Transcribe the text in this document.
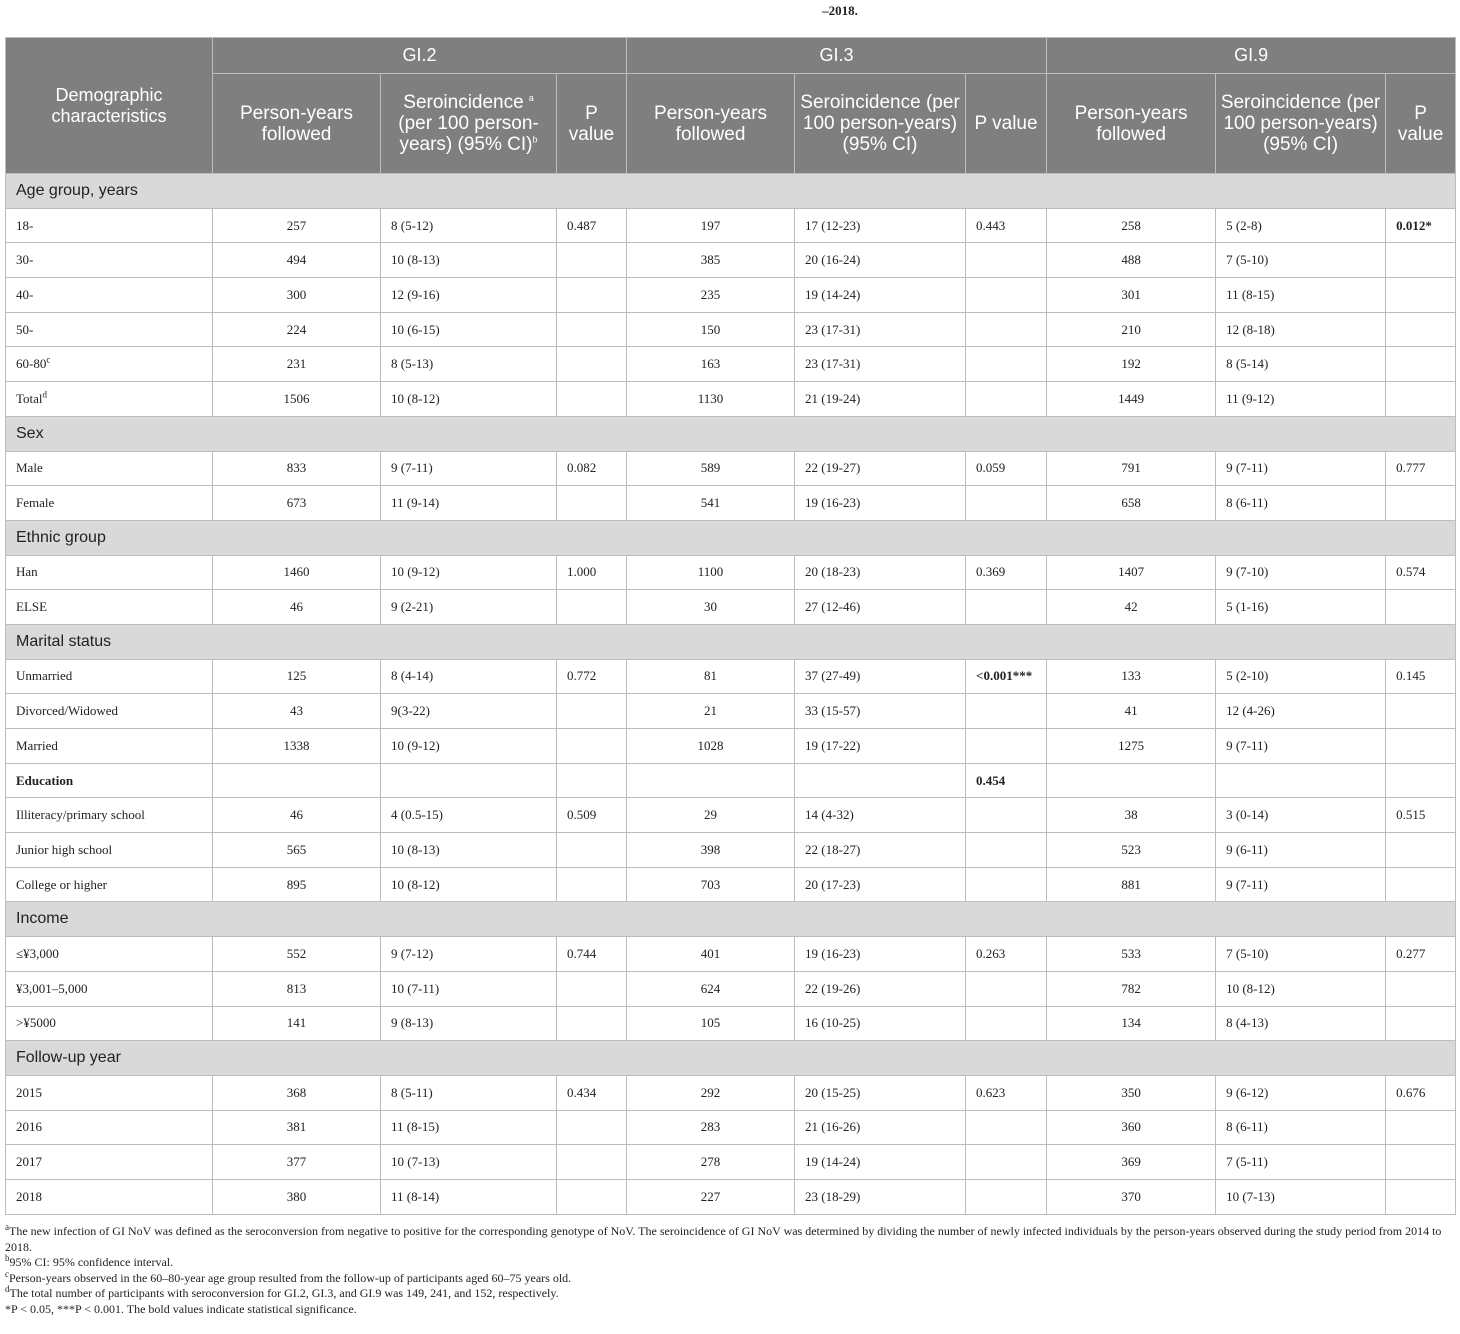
–2018.
Demographic characteristics	GI.2			GI.3			GI.9		
	Person-years followed	Seroincidence $^a$ (per 100 person-years) (95% CI)$^b$	P value	Person-years followed	Seroincidence (per 100 person-years) (95% CI)	P value	Person-years followed	Seroincidence (per 100 person-years) (95% CI)	P value
Age group, years									
18-	257	8 (5-12)	0.487	197	17 (12-23)	0.443	258	5 (2-8)	0.012*
30-	494	10 (8-13)		385	20 (16-24)		488	7 (5-10)	
40-	300	12 (9-16)		235	19 (14-24)		301	11 (8-15)	
50-	224	10 (6-15)		150	23 (17-31)		210	12 (8-18)	
60-80$^c$	231	8 (5-13)		163	23 (17-31)		192	8 (5-14)	
Total$^d$	1506	10 (8-12)		1130	21 (19-24)		1449	11 (9-12)	
Sex									
Male	833	9 (7-11)	0.082	589	22 (19-27)	0.059	791	9 (7-11)	0.777
Female	673	11 (9-14)		541	19 (16-23)		658	8 (6-11)	
Ethnic group									
Han	1460	10 (9-12)	1.000	1100	20 (18-23)	0.369	1407	9 (7-10)	0.574
ELSE	46	9 (2-21)		30	27 (12-46)		42	5 (1-16)	
Marital status									
Unmarried	125	8 (4-14)	0.772	81	37 (27-49)	<0.001***	133	5 (2-10)	0.145
Divorced/Widowed	43	9(3-22)		21	33 (15-57)		41	12 (4-26)	
Married	1338	10 (9-12)		1028	19 (17-22)		1275	9 (7-11)	
Education						0.454			
Illiteracy/primary school	46	4 (0.5-15)	0.509	29	14 (4-32)		38	3 (0-14)	0.515
Junior high school	565	10 (8-13)		398	22 (18-27)		523	9 (6-11)	
College or higher	895	10 (8-12)		703	20 (17-23)		881	9 (7-11)	
Income									
≤¥3,000	552	9 (7-12)	0.744	401	19 (16-23)	0.263	533	7 (5-10)	0.277
¥3,001–5,000	813	10 (7-11)		624	22 (19-26)		782	10 (8-12)	
>¥5000	141	9 (8-13)		105	16 (10-25)		134	8 (4-13)	
Follow-up year									
2015	368	8 (5-11)	0.434	292	20 (15-25)	0.623	350	9 (6-12)	0.676
2016	381	11 (8-15)		283	21 (16-26)		360	8 (6-11)	
2017	377	10 (7-13)		278	19 (14-24)		369	7 (5-11)	
2018	380	11 (8-14)		227	23 (18-29)		370	10 (7-13)	

$^a$The new infection of GI NoV was defined as the seroconversion from negative to positive for the corresponding genotype of NoV. The seroincidence of GI NoV was determined by dividing the number of newly infected individuals by the person-years observed during the study period from 2014 to 2018.

$^b$95% CI: 95% confidence interval.

$^c$Person-years observed in the 60–80-year age group resulted from the follow-up of participants aged 60–75 years old.

$^d$The total number of participants with seroconversion for GI.2, GI.3, and GI.9 was 149, 241, and 152, respectively.

*P < 0.05, ***P < 0.001. The bold values indicate statistical significance.
